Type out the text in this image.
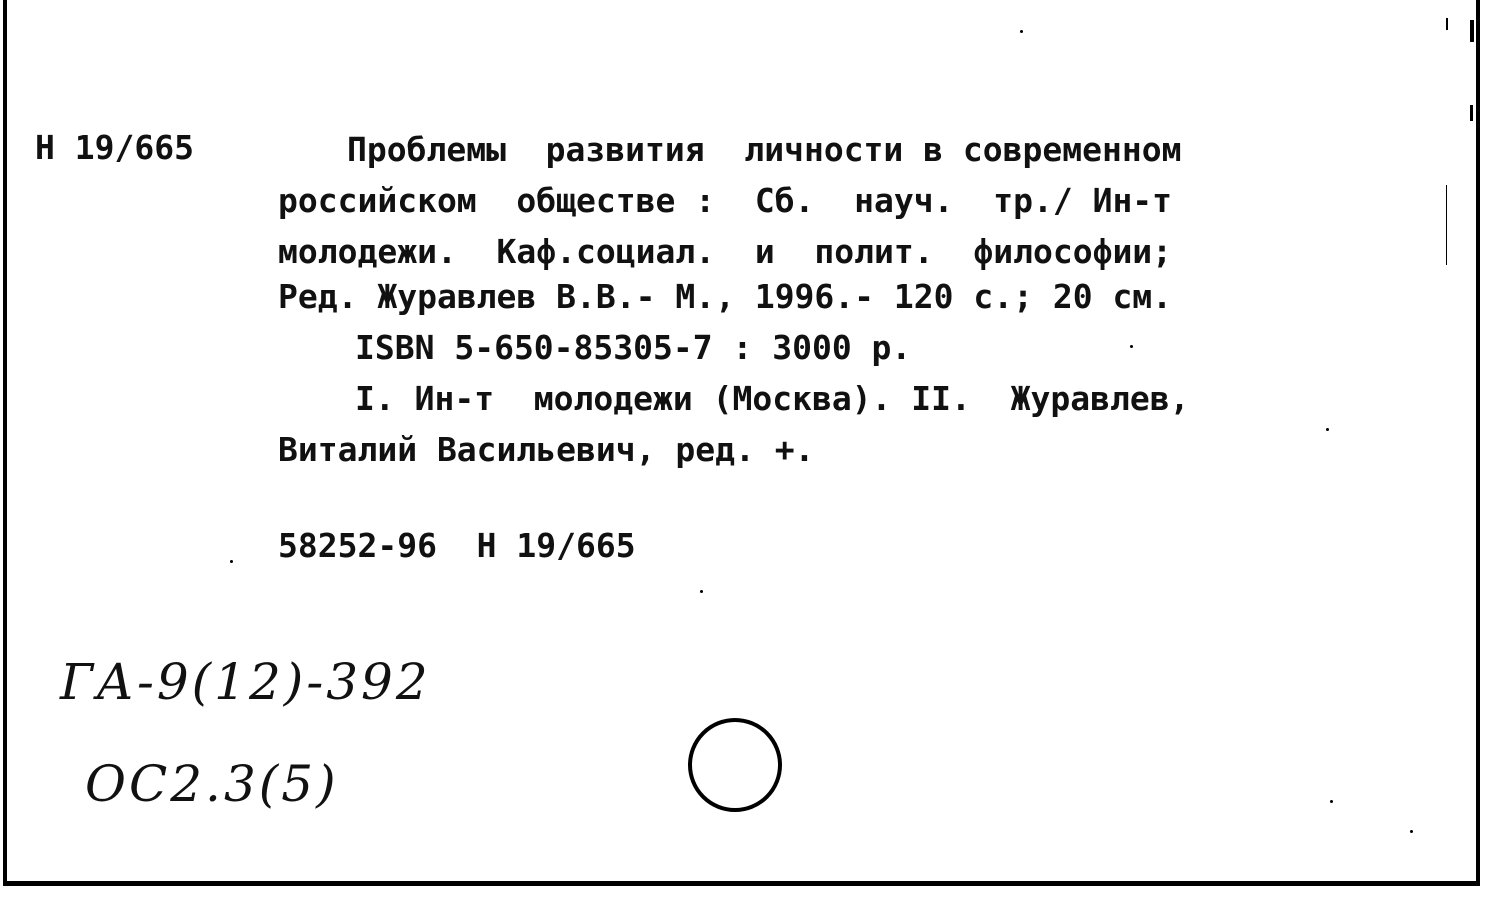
Н 19/665	Проблемы  развития  личности в современном
российском  обществе :  Сб.  науч.  тр./ Ин-т
молодежи.  Каф.социал.  и  полит.  философии;
Ред. Журавлев В.В.- М., 1996.- 120 с.; 20 см.
ISBN 5-650-85305-7 : 3000 р.
I. Ин-т  молодежи (Москва). II.  Журавлев,
Виталий Васильевич, ред. +.
58252-96  Н 19/665
ГА-9(12)-392
ОС2.3(5)
